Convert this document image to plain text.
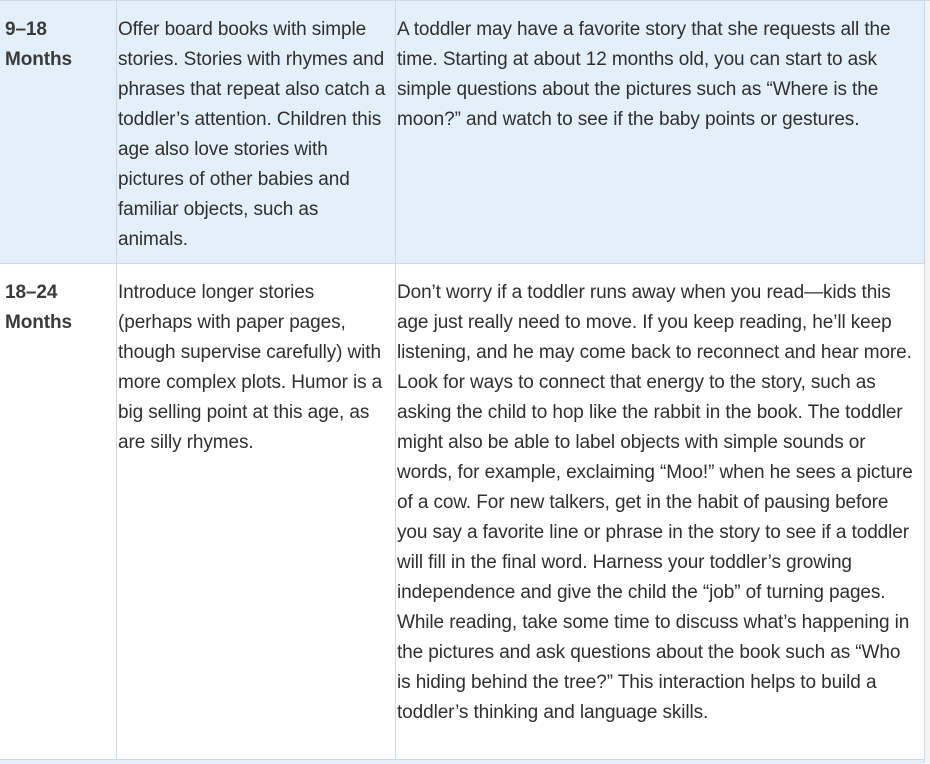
9–18
Months
Offer board books with simple stories. Stories with rhymes and phrases that repeat also catch a toddler’s attention. Children this age also love stories with pictures of other babies and familiar objects, such as animals.
A toddler may have a favorite story that she requests all the time. Starting at about 12 months old, you can start to ask simple questions about the pictures such as “Where is the moon?” and watch to see if the baby points or gestures.
18–24
Months
Introduce longer stories (perhaps with paper pages, though supervise carefully) with more complex plots. Humor is a big selling point at this age, as are silly rhymes.
Don’t worry if a toddler runs away when you read—kids this age just really need to move. If you keep reading, he’ll keep listening, and he may come back to reconnect and hear more. Look for ways to connect that energy to the story, such as asking the child to hop like the rabbit in the book. The toddler might also be able to label objects with simple sounds or words, for example, exclaiming “Moo!” when he sees a picture of a cow. For new talkers, get in the habit of pausing before you say a favorite line or phrase in the story to see if a toddler will fill in the final word. Harness your toddler’s growing independence and give the child the “job” of turning pages. While reading, take some time to discuss what’s happening in the pictures and ask questions about the book such as “Who is hiding behind the tree?” This interaction helps to build a toddler’s thinking and language skills.
